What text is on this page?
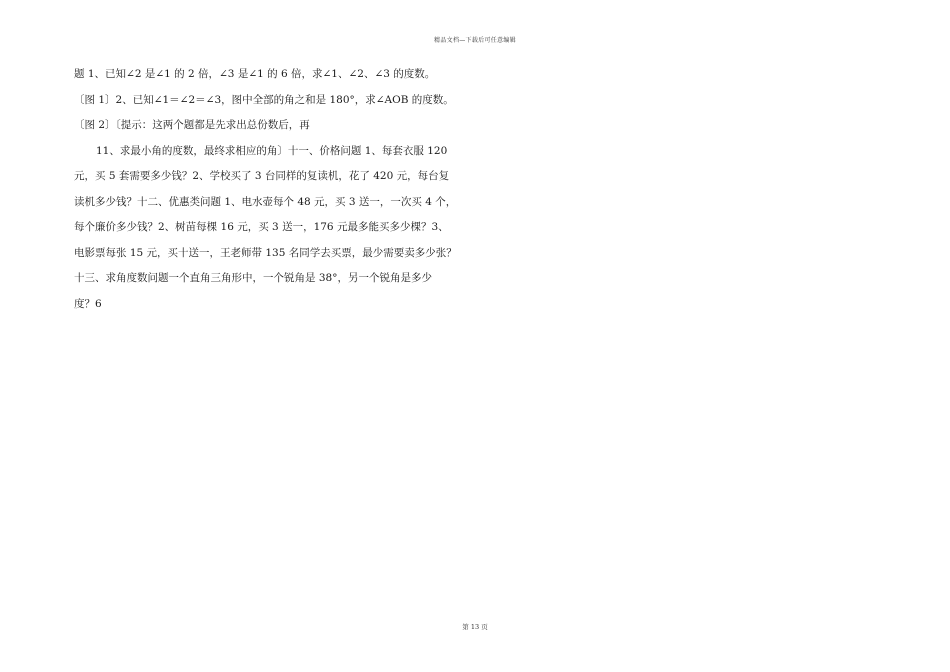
精品文档—下载后可任意编辑
题 1、已知∠2 是∠1 的 2 倍，∠3 是∠1 的 6 倍，求∠1、∠2、∠3 的度数。
〔图 1〕2、已知∠1＝∠2＝∠3，图中全部的角之和是 180°，求∠AOB 的度数。
〔图 2〕〔提示：这两个题都是先求出总份数后，再
11、求最小角的度数，最终求相应的角〕十一、价格问题 1、每套衣服 120
元，买 5 套需要多少钱？2、学校买了 3 台同样的复读机，花了 420 元，每台复
读机多少钱？十二、优惠类问题 1、电水壶每个 48 元，买 3 送一，一次买 4 个，
每个廉价多少钱？2、树苗每棵 16 元，买 3 送一，176 元最多能买多少棵？3、
电影票每张 15 元，买十送一，王老师带 135 名同学去买票，最少需要卖多少张？
十三、求角度数问题一个直角三角形中，一个锐角是 38°，另一个锐角是多少
度？6
第 13 页
